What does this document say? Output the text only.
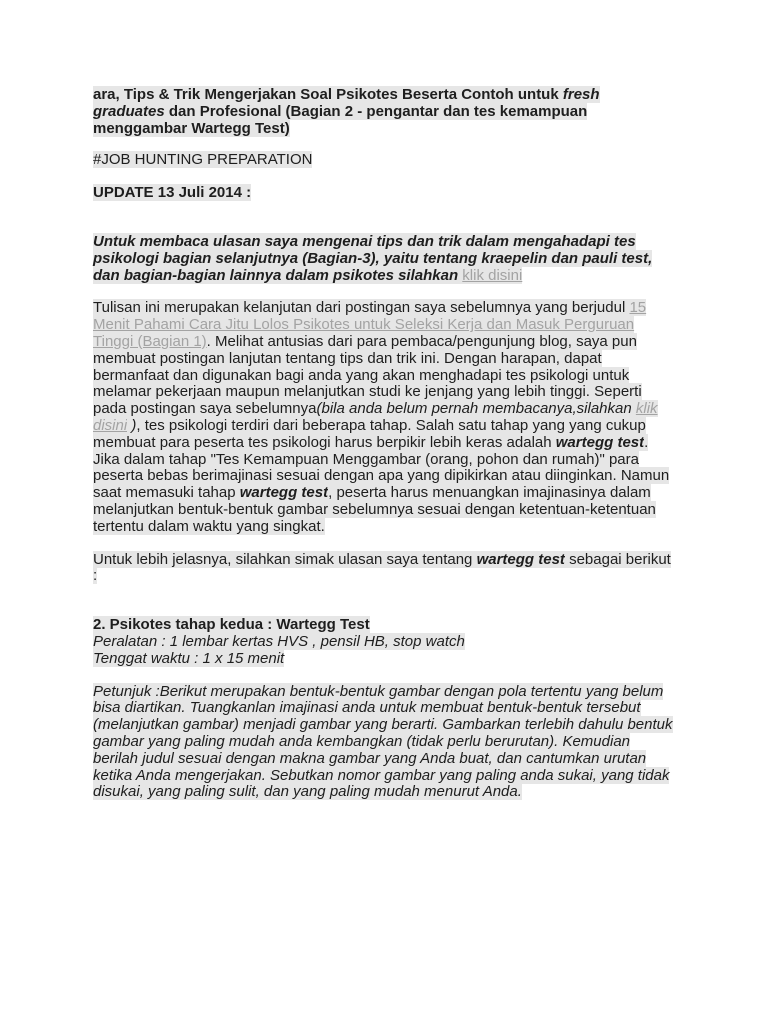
ara, Tips & Trik Mengerjakan Soal Psikotes Beserta Contoh untuk fresh graduates dan Profesional (Bagian 2 - pengantar dan tes kemampuan menggambar Wartegg Test)

#JOB HUNTING PREPARATION

UPDATE 13 Juli 2014 :

Untuk membaca ulasan saya mengenai tips dan trik dalam mengahadapi tes psikologi bagian selanjutnya (Bagian-3), yaitu tentang kraepelin dan pauli test, dan bagian-bagian lainnya dalam psikotes silahkan klik disini

Tulisan ini merupakan kelanjutan dari postingan saya sebelumnya yang berjudul 15 Menit Pahami Cara Jitu Lolos Psikotes untuk Seleksi Kerja dan Masuk Perguruan Tinggi (Bagian 1). Melihat antusias dari para pembaca/pengunjung blog, saya pun membuat postingan lanjutan tentang tips dan trik ini. Dengan harapan, dapat bermanfaat dan digunakan bagi anda yang akan menghadapi tes psikologi untuk melamar pekerjaan maupun melanjutkan studi ke jenjang yang lebih tinggi. Seperti pada postingan saya sebelumnya(bila anda belum pernah membacanya,silahkan klik disini ), tes psikologi terdiri dari beberapa tahap. Salah satu tahap yang yang cukup membuat para peserta tes psikologi harus berpikir lebih keras adalah wartegg test. Jika dalam tahap "Tes Kemampuan Menggambar (orang, pohon dan rumah)" para peserta bebas berimajinasi sesuai dengan apa yang dipikirkan atau diinginkan. Namun saat memasuki tahap wartegg test, peserta harus menuangkan imajinasinya dalam melanjutkan bentuk-bentuk gambar sebelumnya sesuai dengan ketentuan-ketentuan tertentu dalam waktu yang singkat.

Untuk lebih jelasnya, silahkan simak ulasan saya tentang wartegg test sebagai berikut :

2. Psikotes tahap kedua : Wartegg Test

Peralatan : 1 lembar kertas HVS , pensil HB, stop watch

Tenggat waktu : 1 x 15 menit

Petunjuk :Berikut merupakan bentuk-bentuk gambar dengan pola tertentu yang belum bisa diartikan. Tuangkanlan imajinasi anda untuk membuat bentuk-bentuk tersebut (melanjutkan gambar) menjadi gambar yang berarti. Gambarkan terlebih dahulu bentuk gambar yang paling mudah anda kembangkan (tidak perlu berurutan). Kemudian berilah judul sesuai dengan makna gambar yang Anda buat, dan cantumkan urutan ketika Anda mengerjakan. Sebutkan nomor gambar yang paling anda sukai, yang tidak disukai, yang paling sulit, dan yang paling mudah menurut Anda.
